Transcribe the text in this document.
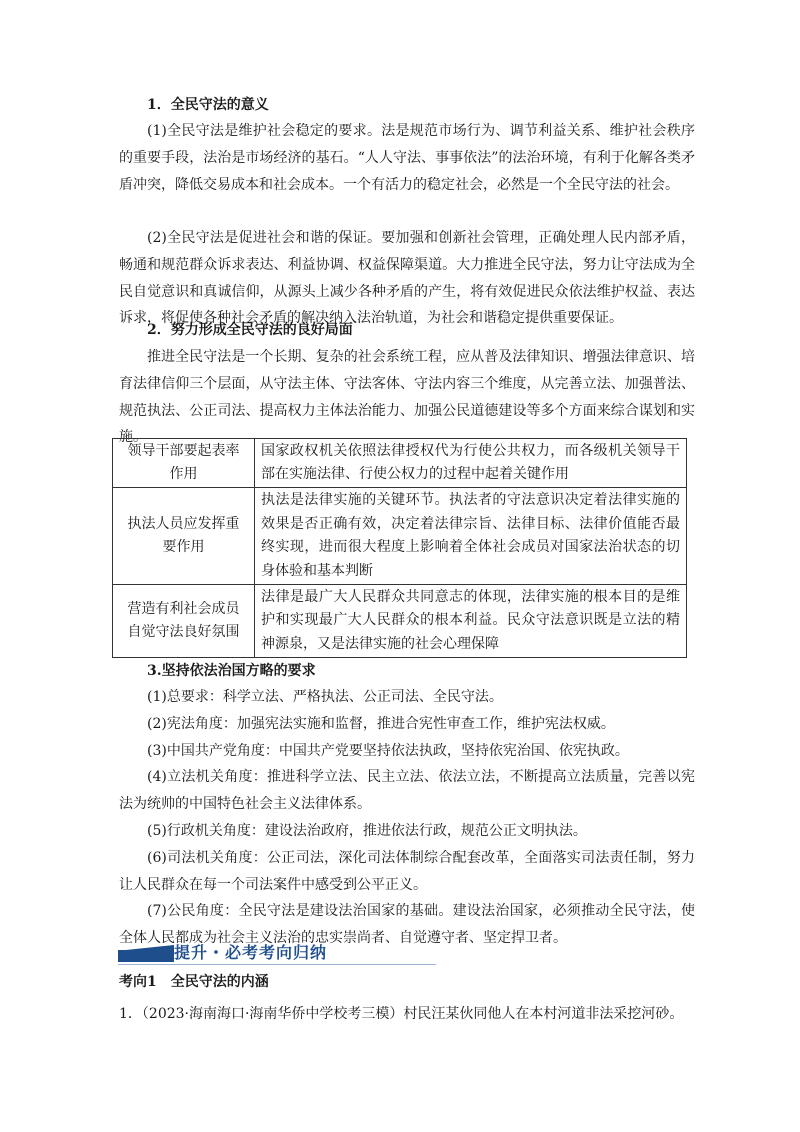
1．全民守法的意义
(1)全民守法是维护社会稳定的要求。法是规范市场行为、调节利益关系、维护社会秩序的重要手段，法治是市场经济的基石。“人人守法、事事依法”的法治环境，有利于化解各类矛盾冲突，降低交易成本和社会成本。一个有活力的稳定社会，必然是一个全民守法的社会。
(2)全民守法是促进社会和谐的保证。要加强和创新社会管理，正确处理人民内部矛盾，畅通和规范群众诉求表达、利益协调、权益保障渠道。大力推进全民守法，努力让守法成为全民自觉意识和真诚信仰，从源头上减少各种矛盾的产生，将有效促进民众依法维护权益、表达诉求，将促使各种社会矛盾的解决纳入法治轨道，为社会和谐稳定提供重要保证。
2．努力形成全民守法的良好局面
推进全民守法是一个长期、复杂的社会系统工程，应从普及法律知识、增强法律意识、培育法律信仰三个层面，从守法主体、守法客体、守法内容三个维度，从完善立法、加强普法、规范执法、公正司法、提高权力主体法治能力、加强公民道德建设等多个方面来综合谋划和实施。
领导干部要起表率作用	国家政权机关依照法律授权代为行使公共权力，而各级机关领导干部在实施法律、行使公权力的过程中起着关键作用
执法人员应发挥重要作用	执法是法律实施的关键环节。执法者的守法意识决定着法律实施的效果是否正确有效，决定着法律宗旨、法律目标、法律价值能否最终实现，进而很大程度上影响着全体社会成员对国家法治状态的切身体验和基本判断
营造有利社会成员自觉守法良好氛围	法律是最广大人民群众共同意志的体现，法律实施的根本目的是维护和实现最广大人民群众的根本利益。民众守法意识既是立法的精神源泉，又是法律实施的社会心理保障
3.坚持依法治国方略的要求

(1)总要求：科学立法、严格执法、公正司法、全民守法。

(2)宪法角度：加强宪法实施和监督，推进合宪性审查工作，维护宪法权威。

(3)中国共产党角度：中国共产党要坚持依法执政，坚持依宪治国、依宪执政。

(4)立法机关角度：推进科学立法、民主立法、依法立法，不断提高立法质量，完善以宪法为统帅的中国特色社会主义法律体系。

(5)行政机关角度：建设法治政府，推进依法行政，规范公正文明执法。

(6)司法机关角度：公正司法，深化司法体制综合配套改革，全面落实司法责任制，努力让人民群众在每一个司法案件中感受到公平正义。

(7)公民角度：全民守法是建设法治国家的基础。建设法治国家，必须推动全民守法，使全体人民都成为社会主义法治的忠实崇尚者、自觉遵守者、坚定捍卫者。

提升・必考考向归纳
考向1　全民守法的内涵
1．（2023·海南海口·海南华侨中学校考三模）村民汪某伙同他人在本村河道非法采挖河砂。
